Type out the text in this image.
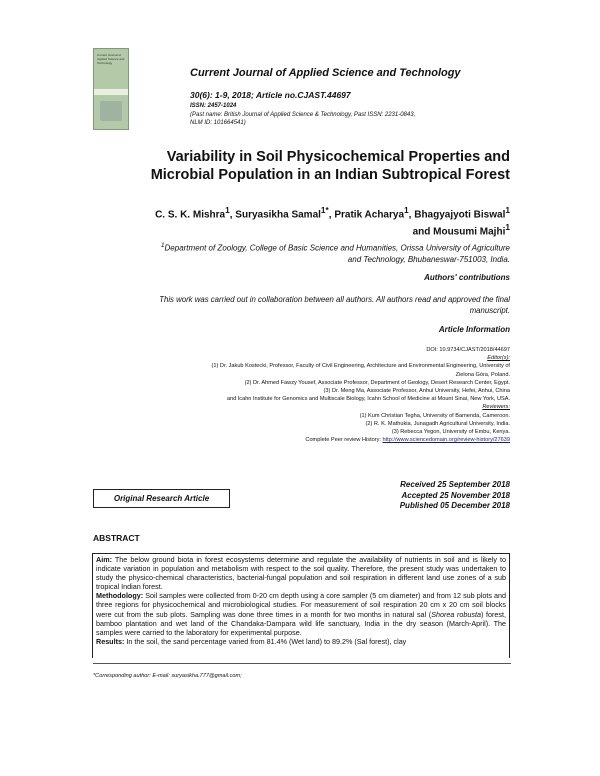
Current Journal of Applied Science and Technology
Current Journal of Applied Science and Technology
30(6): 1-9, 2018; Article no.CJAST.44697
ISSN: 2457-1024
(Past name: British Journal of Applied Science & Technology, Past ISSN: 2231-0843,
NLM ID: 101664541)
Variability in Soil Physicochemical Properties and
Microbial Population in an Indian Subtropical Forest
C. S. K. Mishra$^1$, Suryasikha Samal$^{1*}$, Pratik Acharya$^1$, Bhagyajyoti Biswal$^1$
and Mousumi Majhi$^1$
$^1$Department of Zoology, College of Basic Science and Humanities, Orissa University of Agriculture
and Technology, Bhubaneswar-751003, India.
Authors' contributions
This work was carried out in collaboration between all authors. All authors read and approved the final
manuscript.
Article Information
DOI: 10.9734/CJAST/2018/44697
Editor(s):
(1) Dr. Jakub Kostecki, Professor, Faculty of Civil Engineering, Architecture and Environmental Engineering, University of
Zielona Góra, Poland.
(2) Dr. Ahmed Fawzy Yousef, Associate Professor, Department of Geology, Desert Research Center, Egypt.
(3) Dr. Meng Ma, Associate Professor, Anhui University, Hefei, Anhui, China
and Icahn Institute for Genomics and Multiscale Biology, Icahn School of Medicine at Mount Sinai, New York, USA.
Reviewers:
(1) Kum Christian Tegha, University of Bamenda, Cameroon.
(2) R. K. Mathukia, Junagadh Agricultural University, India.
(3) Rebecca Yegon, University of Embu, Kenya.
Complete Peer review History: http://www.sciencedomain.org/review-history/27639
Original Research Article
Received 25 September 2018
Accepted 25 November 2018
Published 05 December 2018
ABSTRACT

Aim: The below ground biota in forest ecosystems determine and regulate the availability of nutrients in soil and is likely to indicate variation in population and metabolism with respect to the soil quality. Therefore, the present study was undertaken to study the physico-chemical characteristics, bacterial-fungal population and soil respiration in different land use zones of a sub tropical Indian forest.

Methodology: Soil samples were collected from 0-20 cm depth using a core sampler (5 cm diameter) and from 12 sub plots and three regions for physicochemical and microbiological studies. For measurement of soil respiration 20 cm x 20 cm soil blocks were cut from the sub plots. Sampling was done three times in a month for two months in natural sal (Shorea robusta) forest, bamboo plantation and wet land of the Chandaka-Dampara wild life sanctuary, India in the dry season (March-April). The samples were carried to the laboratory for experimental purpose.

Results: In the soil, the sand percentage varied from 81.4% (Wet land) to 89.2% (Sal forest), clay

*Corresponding author: E-mail: suryasikha.777@gmail.com;
